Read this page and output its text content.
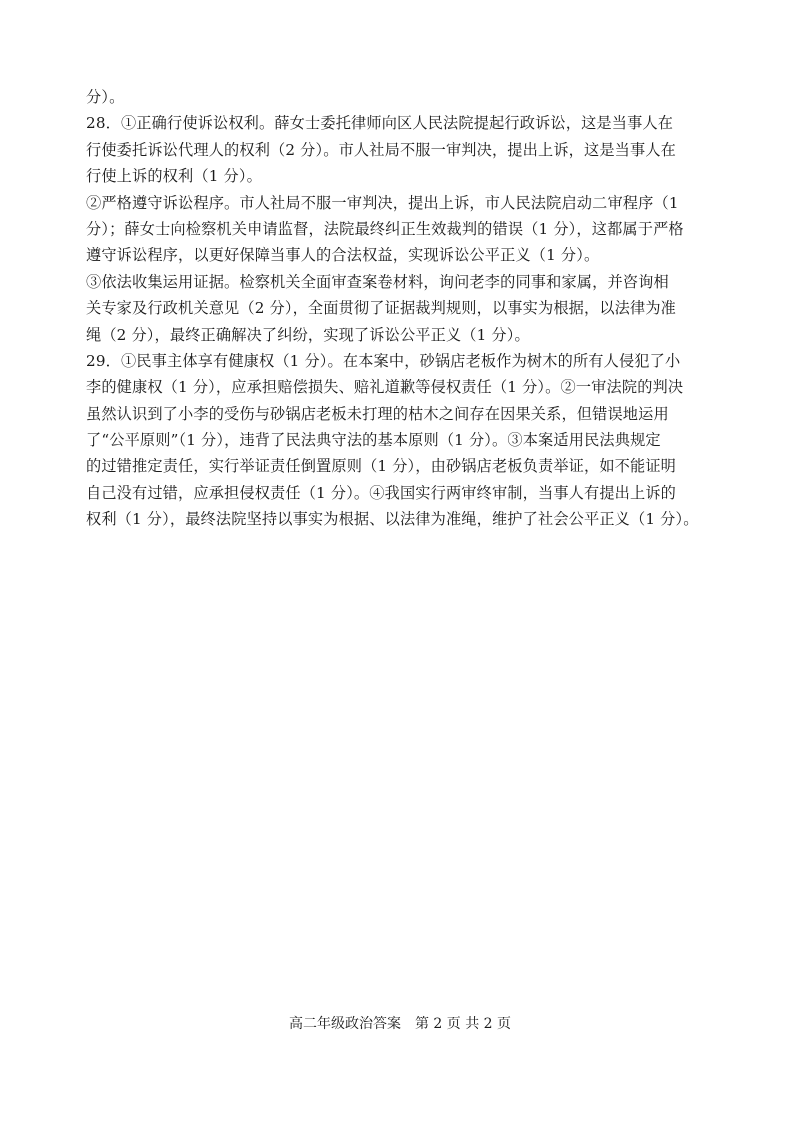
分）。
28．①正确行使诉讼权利。薛女士委托律师向区人民法院提起行政诉讼，这是当事人在
行使委托诉讼代理人的权利（2 分）。市人社局不服一审判决，提出上诉，这是当事人在
行使上诉的权利（1 分）。
②严格遵守诉讼程序。市人社局不服一审判决，提出上诉，市人民法院启动二审程序（1
分）；薛女士向检察机关申请监督，法院最终纠正生效裁判的错误（1 分），这都属于严格
遵守诉讼程序，以更好保障当事人的合法权益，实现诉讼公平正义（1 分）。
③依法收集运用证据。检察机关全面审查案卷材料，询问老李的同事和家属，并咨询相
关专家及行政机关意见（2 分），全面贯彻了证据裁判规则，以事实为根据，以法律为准
绳（2 分），最终正确解决了纠纷，实现了诉讼公平正义（1 分）。
29．①民事主体享有健康权（1 分）。在本案中，砂锅店老板作为树木的所有人侵犯了小
李的健康权（1 分），应承担赔偿损失、赔礼道歉等侵权责任（1 分）。②一审法院的判决
虽然认识到了小李的受伤与砂锅店老板未打理的枯木之间存在因果关系，但错误地运用
了“公平原则”（1 分），违背了民法典守法的基本原则（1 分）。③本案适用民法典规定
的过错推定责任，实行举证责任倒置原则（1 分），由砂锅店老板负责举证，如不能证明
自己没有过错，应承担侵权责任（1 分）。④我国实行两审终审制，当事人有提出上诉的
权利（1 分），最终法院坚持以事实为根据、以法律为准绳，维护了社会公平正义（1 分）。
高二年级政治答案　第 2 页 共 2 页
